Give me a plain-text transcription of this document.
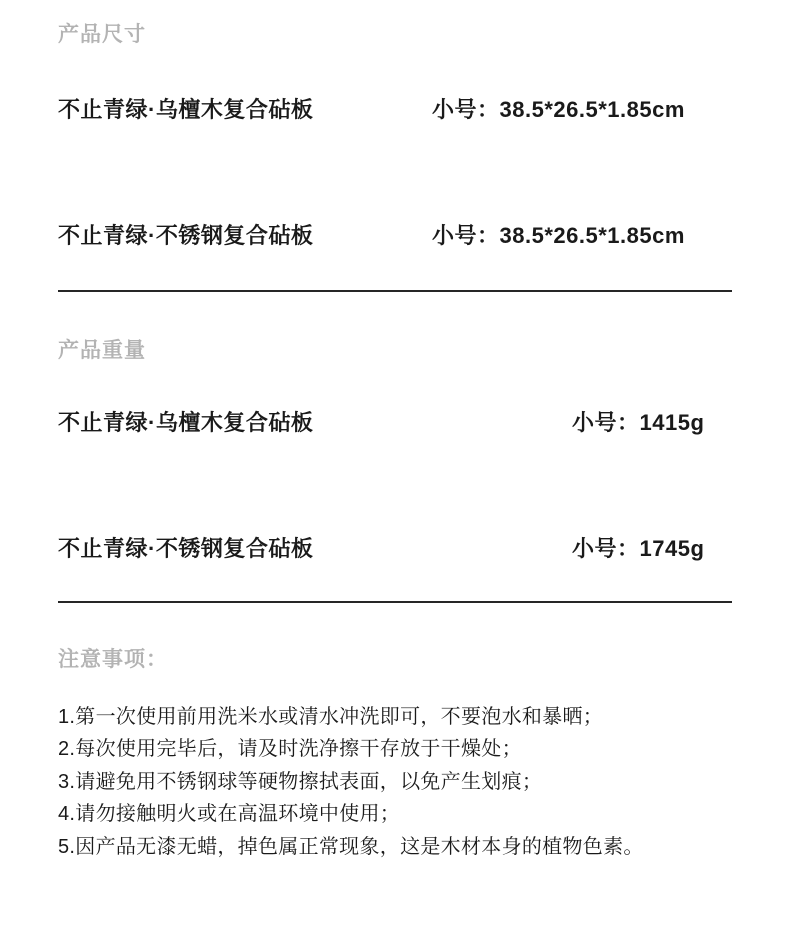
产品尺寸
不止青绿·乌檀木复合砧板	小号：38.5*26.5*1.85cm
不止青绿·不锈钢复合砧板	小号：38.5*26.5*1.85cm
产品重量
不止青绿·乌檀木复合砧板	小号：1415g
不止青绿·不锈钢复合砧板	小号：1745g
注意事项：
1.第一次使用前用洗米水或清水冲洗即可，不要泡水和暴晒；
2.每次使用完毕后，请及时洗净擦干存放于干燥处；
3.请避免用不锈钢球等硬物擦拭表面，以免产生划痕；
4.请勿接触明火或在高温环境中使用；
5.因产品无漆无蜡，掉色属正常现象，这是木材本身的植物色素。
